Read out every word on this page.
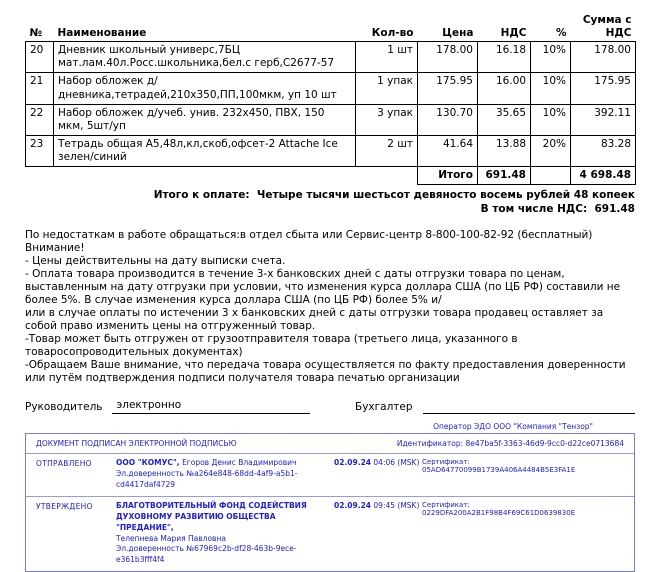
№	Наименование	Кол-во	Цена	НДС	%	Сумма с НДС
20	Дневник школьный универс,7БЦ мат.лам.40л.Росс.школьника,бел.с герб,С2677-57	1 шт	178.00	16.18	10%	178.00
21	Набор обложек д/дневника,тетрадей,210x350,ПП,100мкм, уп 10 шт	1 упак	175.95	16.00	10%	175.95
22	Набор обложек д/учеб. унив. 232x450, ПВХ, 150 мкм, 5шт/уп	3 упак	130.70	35.65	10%	392.11
23	Тетрадь общая А5,48л,кл,скоб,офсет-2 Attache Ice зелен/синий	2 шт	41.64	13.88	20%	83.28
			Итого	691.48		4 698.48
Итого к оплате: Четыре тысячи шестьсот девяносто восемь рублей 48 копеек
В том числе НДС: 691.48
По недостаткам в работе обращаться:в отдел сбыта или Сервис-центр 8-800-100-82-92 (бесплатный)
Внимание!
- Цены действительны на дату выписки счета.
- Оплата товара производится в течение 3-х банковских дней с даты отгрузки товара по ценам, выставленным на дату отгрузки при условии, что изменения курса доллара США (по ЦБ РФ) составили не более 5%. В случае изменения курса доллара США (по ЦБ РФ) более 5% и/
или в случае оплаты по истечении 3 х банковских дней с даты отгрузки товара продавец оставляет за собой право изменить цены на отгруженный товар.
-Товар может быть отгружен от грузоотправителя товара (третьего лица, указанного в товаросопроводительных документах)
-Обращаем Ваше внимание, что передача товара осуществляется по факту предоставления доверенности или путём подтверждения подписи получателя товара печатью организации
Руководитель	электронно	Бухгалтер
Оператор ЭДО ООО "Компания "Тензор"
ДОКУМЕНТ ПОДПИСАН ЭЛЕКТРОННОЙ ПОДПИСЬЮ	Идентификатор: 8e47ba5f-3363-46d9-9cc0-d22ce0713684
ОТПРАВЛЕНО	ООО "КОМУС", Егоров Денис Владимирович
Эл.доверенность №а264е848-68dd-4af9-a5b1-cd4417daf4729
02.09.24 04:06 (MSK) Сертификат: 05AD64770099B1739A406A4484B5E3FA1E
УТВЕРЖДЕНО	БЛАГОТВОРИТЕЛЬНЫЙ ФОНД СОДЕЙСТВИЯ ДУХОВНОМУ РАЗВИТИЮ ОБЩЕСТВА "ПРЕДАНИЕ",
Телепнева Мария Павловна
Эл.доверенность №67969c2b-df28-463b-9ece-e361b3fff4f4
02.09.24 09:45 (MSK) Сертификат: 0229DFA200A2B1F98B4F69C61D0639830E
